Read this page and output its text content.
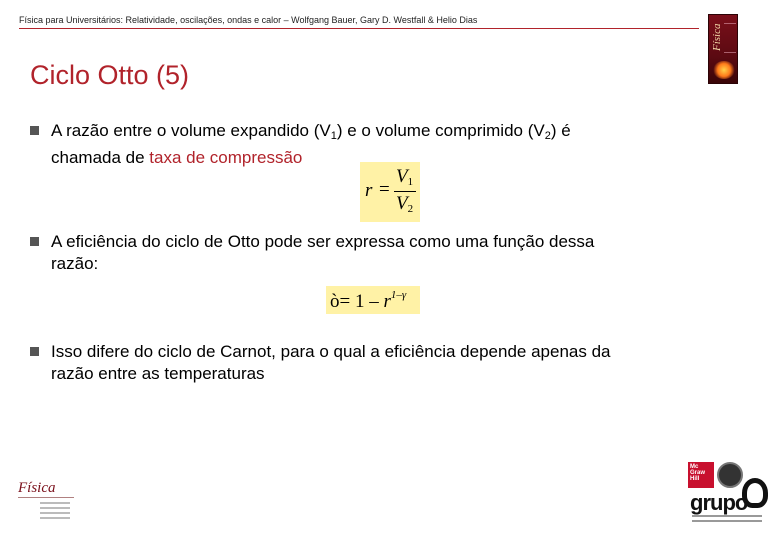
Física para Universitários: Relatividade, oscilações, ondas e calor – Wolfgang Bauer, Gary D. Westfall & Helio Dias
Física
Ciclo Otto (5)
A razão entre o volume expandido $(V_1)$ e o volume comprimido $(V_2)$ é
chamada de taxa de compressão
r =
$V_1$
$V_2$
A eficiência do ciclo de Otto pode ser expressa como uma função dessa
razão:
ò= $1 - r^{1-\gamma}$
Isso difere do ciclo de Carnot, para o qual a eficiência depende apenas da
razão entre as temperaturas
Física
Mc Graw Hill
grupo
